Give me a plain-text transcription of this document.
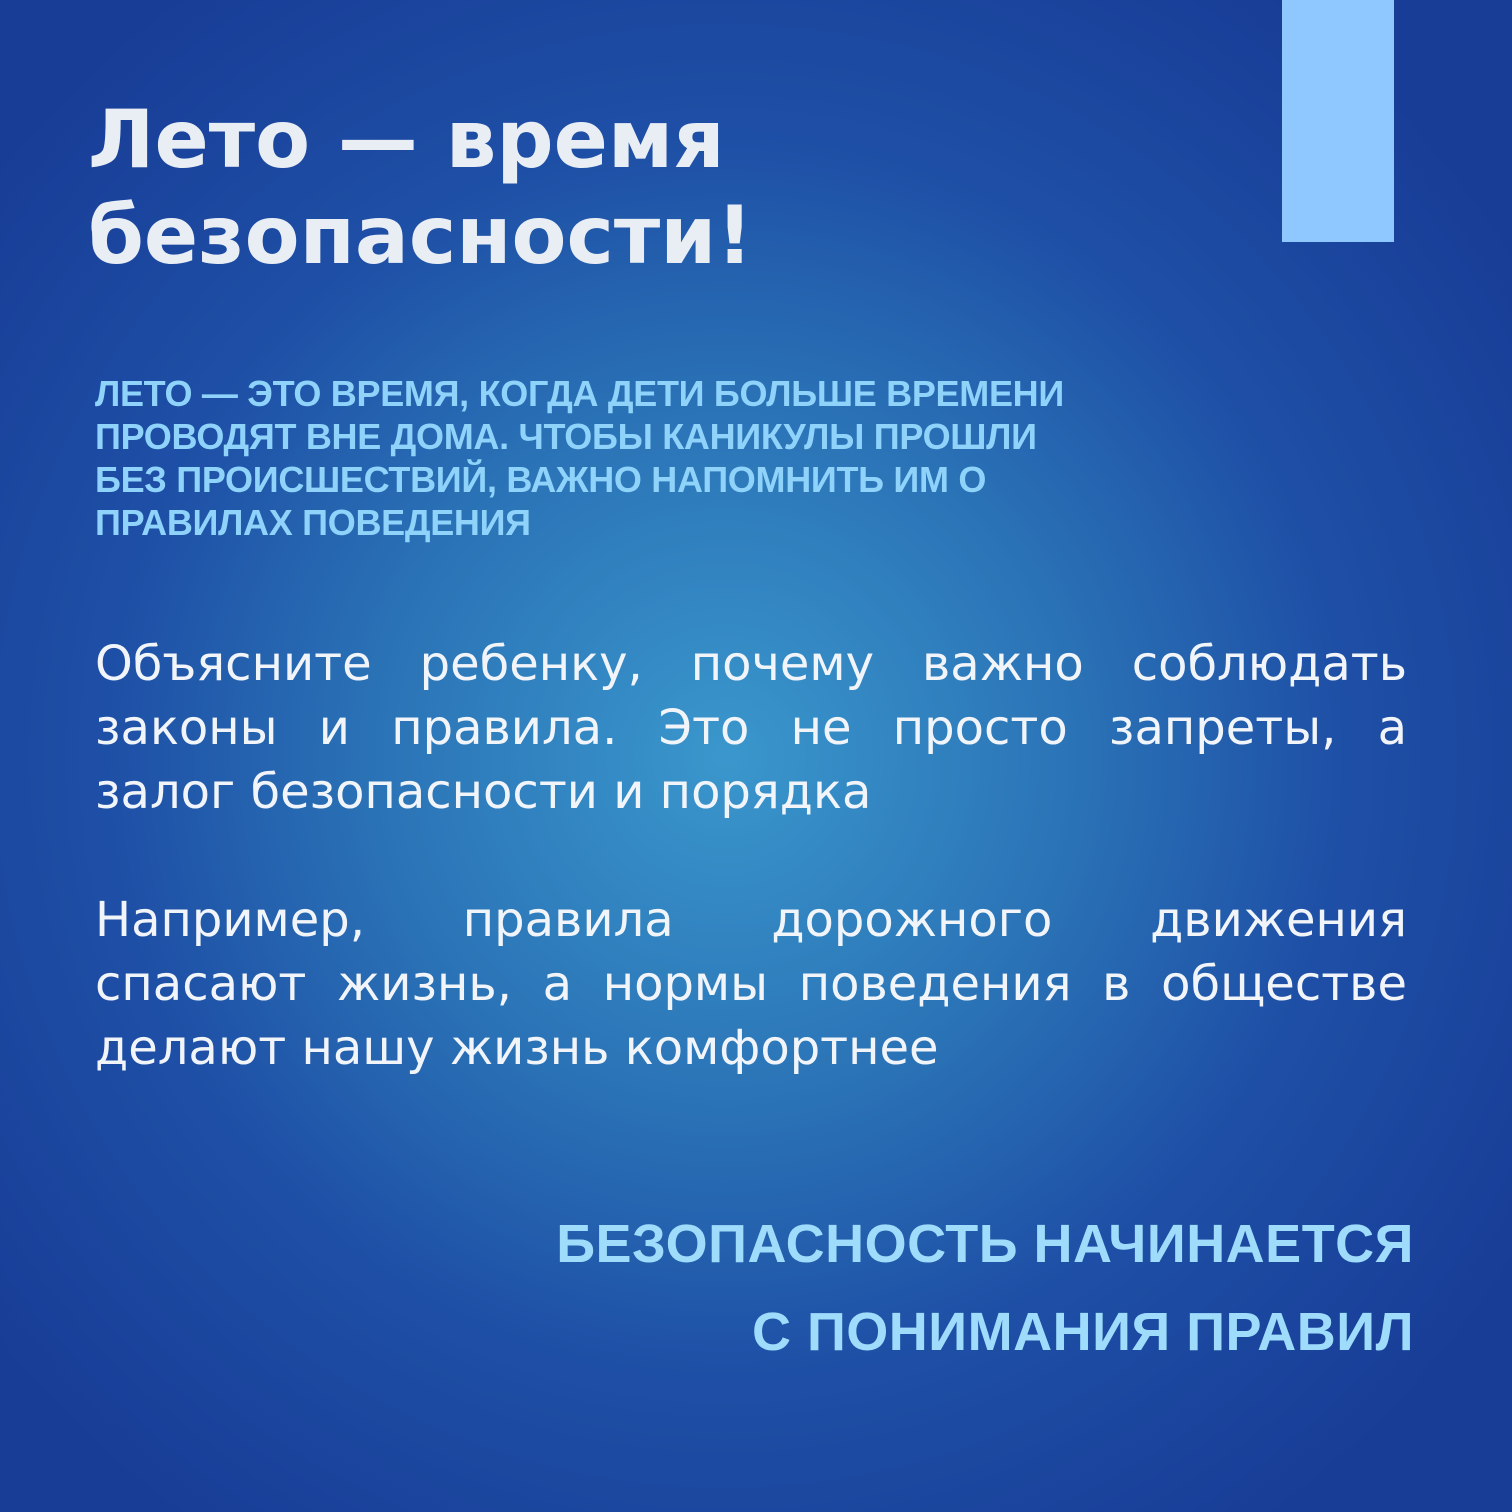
Лето — время
безопасности!

ЛЕТО — ЭТО ВРЕМЯ, КОГДА ДЕТИ БОЛЬШЕ ВРЕМЕНИ
ПРОВОДЯТ ВНЕ ДОМА. ЧТОБЫ КАНИКУЛЫ ПРОШЛИ
БЕЗ ПРОИСШЕСТВИЙ, ВАЖНО НАПОМНИТЬ ИМ О
ПРАВИЛАХ ПОВЕДЕНИЯ

Объясните ребенку, почему важно соблюдать
законы и правила. Это не просто запреты, а
залог безопасности и порядка

Например, правила дорожного движения
спасают жизнь, а нормы поведения в обществе
делают нашу жизнь комфортнее

БЕЗОПАСНОСТЬ НАЧИНАЕТСЯ
С ПОНИМАНИЯ ПРАВИЛ
